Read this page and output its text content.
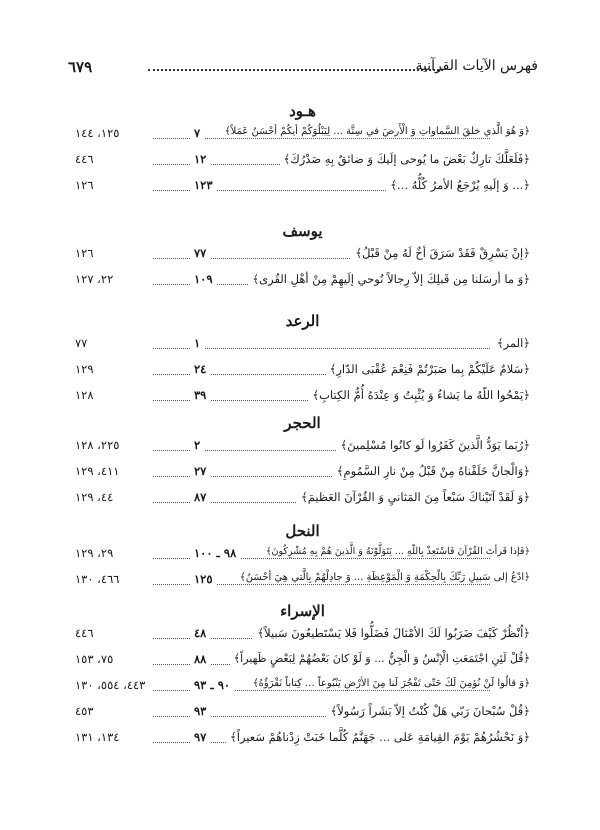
٦٧٩	فهرس الآيات القرآنية
هـود
﴿وَ هُوَ الَّذي خلقَ السَّماواتِ وَ الْأَرضَ في سِتَّة ... لِيَبْلُوَكُمْ أيكُمْ أحْسَنُ عَمَلاً﴾
٧
١٢٥، ١٤٤
﴿فَلَعَلَّكَ تارِكٌ بَعْضَ ما يُوحى إلَيكَ وَ ضائقٌ بِهِ صَدْرُكَ﴾
١٢
٤٤٦
﴿... وَ إلَيهِ يُرْجَعُ الأمرُ كُلُّهُ ...﴾
١٢٣
١٢٦
يوسف
﴿إنْ يَسْرِقْ فَقَدْ سَرَقَ أخٌ لَهُ مِنْ قَبْلُ﴾
٧٧
١٢٦
﴿وَ ما أرسَلنا مِن قَبلِكَ إلاّ رِجالاً نُوحي إلَيهِمْ مِنْ أهْلِ القُرى﴾
١٠٩
٢٢، ١٢٧
الرعد
﴿المر﴾
١
٧٧
﴿سَلامٌ عَلَيْكُمْ بِما صَبَرْتُمْ فَنِعْمَ عُقْبَى الدّارِ﴾
٢٤
١٢٩
﴿يَمْحُوا اللّهُ ما يَشاءُ وَ يُثْبِتُ وَ عِنْدَهُ أُمُّ الكِتابِ﴾
٣٩
١٢٨
الحجر
﴿رُبَما يَوَدُّ الَّذينَ كَفَرُوا لَو كانُوا مُسْلِمينَ﴾
٢
٢٢٥، ١٢٨
﴿وَالْجانَّ خَلَقْناهُ مِنْ قَبْلُ مِنْ نارِ السَّمُومِ﴾
٢٧
٤١١، ١٢٩
﴿وَ لَقَدْ آتَيْناكَ سَبْعاً مِنَ المَثانيِ وَ القُرْآنَ العَظيمَ﴾
٨٧
٤٤، ١٢٩
النحل
﴿فَإذا قَرأتَ القُرْآنَ فَاسْتَعِذْ بِاللّهِ ... يَتَوَلَّوْنَهُ وَ الَّذينَ هُمْ بِهِ مُشْرِكُونَ﴾
٩٨ ـ ١٠٠
٢٩، ١٢٩
﴿ادْعُ إلى سَبيلِ رَبِّكَ بِالْحِكْمَةِ وَ الْمَوْعِظَةِ ... وَ جادِلْهُمْ بِالَّتي هِيَ أحْسَنُ﴾
١٢٥
٤٦٦، ١٣٠
الإسراء
﴿اُنْظُرْ كَيْفَ ضَرَبُوا لَكَ الأمْثالَ فَضَلُّوا فَلا يَسْتَطيعُونَ سَبيلاً﴾
٤٨
٤٤٦
﴿قُلْ لَئِنِ اجْتَمَعَتِ الْإنْسُ وَ الْجِنُّ ... وَ لَوْ كانَ بَعْضُهُمْ لِبَعْضٍ ظَهيراً﴾
٨٨
٧٥، ١٥٣
﴿وَ قالُوا لَنْ نُؤمِنَ لَكَ حَتّى تَفْجُرَ لَنا مِنَ الأرْضِ يَنْبُوعاً ... كِتاباً نَقْرَؤُهُ﴾
٩٠ ـ ٩٣
٤٤٣، ٥٥٤، ١٣٠
﴿قُلْ سُبْحانَ رَبّي هَلْ كُنْتُ إلاّ بَشَراً رَسُولاً﴾
٩٣
٤٥٣
﴿وَ نَحْشُرُهُمْ يَوْمَ القِيامَةِ عَلى ... جَهَنَّمُ كُلَّما خَبَتْ زِدْناهُمْ سَعيراً﴾
٩٧
١٣٤، ١٣١
